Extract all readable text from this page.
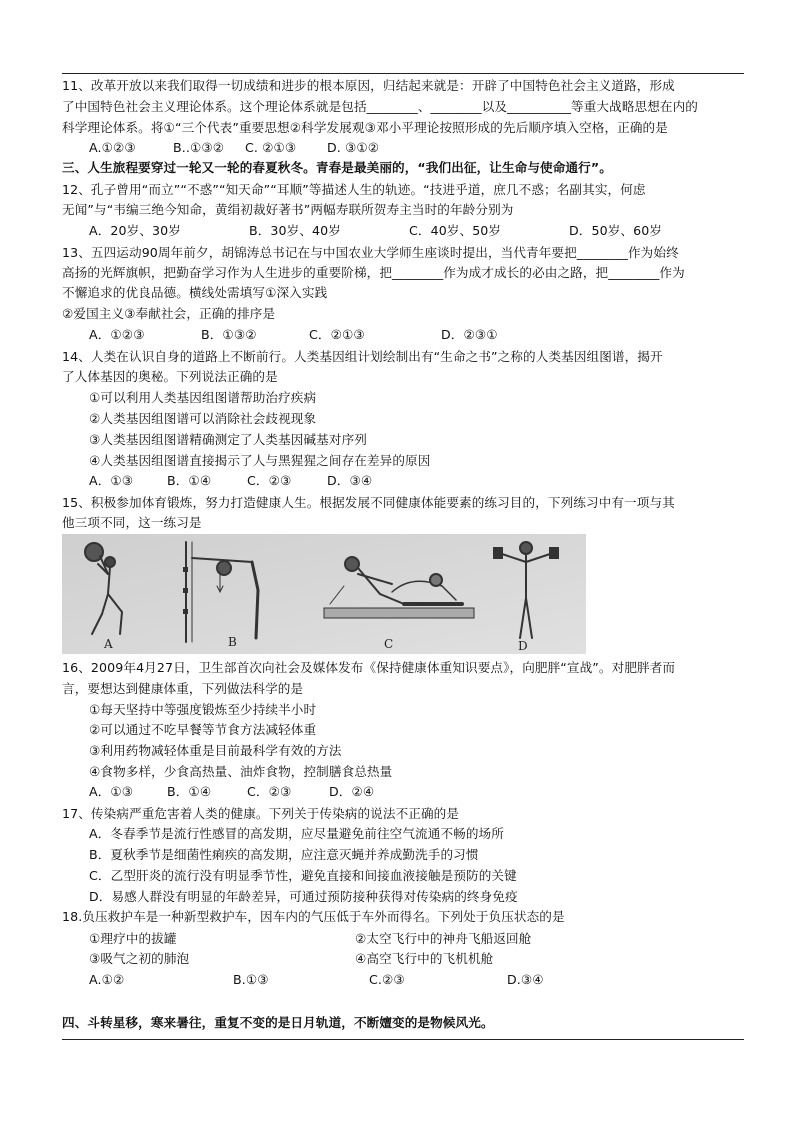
11、改革开放以来我们取得一切成绩和进步的根本原因，归结起来就是：开辟了中国特色社会主义道路，形成
了中国特色社会主义理论体系。这个理论体系就是包括________、________以及__________等重大战略思想在内的
科学理论体系。将①“三个代表”重要思想②科学发展观③邓小平理论按照形成的先后顺序填入空格，正确的是
A.①②③	B..①③② C. ②①③ D. ③①②
三、人生旅程要穿过一轮又一轮的春夏秋冬。青春是最美丽的，“我们出征，让生命与使命通行”。
12、孔子曾用“而立”“不惑”“知天命”“耳顺”等描述人生的轨迹。“技进乎道，庶几不惑；名副其实，何虑
无闻”与“韦编三绝今知命，黄绢初裁好著书”两幅寿联所贺寿主当时的年龄分别为
A．20岁、30岁	B．30岁、40岁	C．40岁、50岁	D．50岁、60岁
13、五四运动90周年前夕，胡锦涛总书记在与中国农业大学师生座谈时提出，当代青年要把________作为始终
高扬的光辉旗帜，把勤奋学习作为人生进步的重要阶梯，把________作为成才成长的必由之路，把________作为
不懈追求的优良品德。横线处需填写①深入实践
②爱国主义③奉献社会，正确的排序是
A．①②③	B．①③②	C．②①③	D．②③①
14、人类在认识自身的道路上不断前行。人类基因组计划绘制出有“生命之书”之称的人类基因组图谱，揭开
了人体基因的奥秘。下列说法正确的是
①可以利用人类基因组图谱帮助治疗疾病
②人类基因组图谱可以消除社会歧视现象
③人类基因组图谱精确测定了人类基因碱基对序列
④人类基因组图谱直接揭示了人与黑猩猩之间存在差异的原因
A．①③	B．①④	C．②③	D．③④
15、积极参加体育锻炼，努力打造健康人生。根据发展不同健康体能要素的练习目的，下列练习中有一项与其
他三项不同，这一练习是
A	B	C	D
16、2009年4月27日，卫生部首次向社会及媒体发布《保持健康体重知识要点》，向肥胖“宣战”。对肥胖者而
言，要想达到健康体重，下列做法科学的是
①每天坚持中等强度锻炼至少持续半小时
②可以通过不吃早餐等节食方法减轻体重
③利用药物减轻体重是目前最科学有效的方法
④食物多样，少食高热量、油炸食物，控制膳食总热量
A．①③	B．①④	C．②③	D．②④
17、传染病严重危害着人类的健康。下列关于传染病的说法不正确的是
A．冬春季节是流行性感冒的高发期，应尽量避免前往空气流通不畅的场所
B．夏秋季节是细菌性痢疾的高发期，应注意灭蝇并养成勤洗手的习惯
C．乙型肝炎的流行没有明显季节性，避免直接和间接血液接触是预防的关键
D．易感人群没有明显的年龄差异，可通过预防接种获得对传染病的终身免疫
18.负压救护车是一种新型救护车，因车内的气压低于车外而得名。下列处于负压状态的是
①理疗中的拔罐	②太空飞行中的神舟飞船返回舱
③吸气之初的肺泡	④高空飞行中的飞机机舱
A.①②	B.①③	C.②③	D.③④
四、斗转星移，寒来暑往，重复不变的是日月轨道，不断嬗变的是物候风光。
